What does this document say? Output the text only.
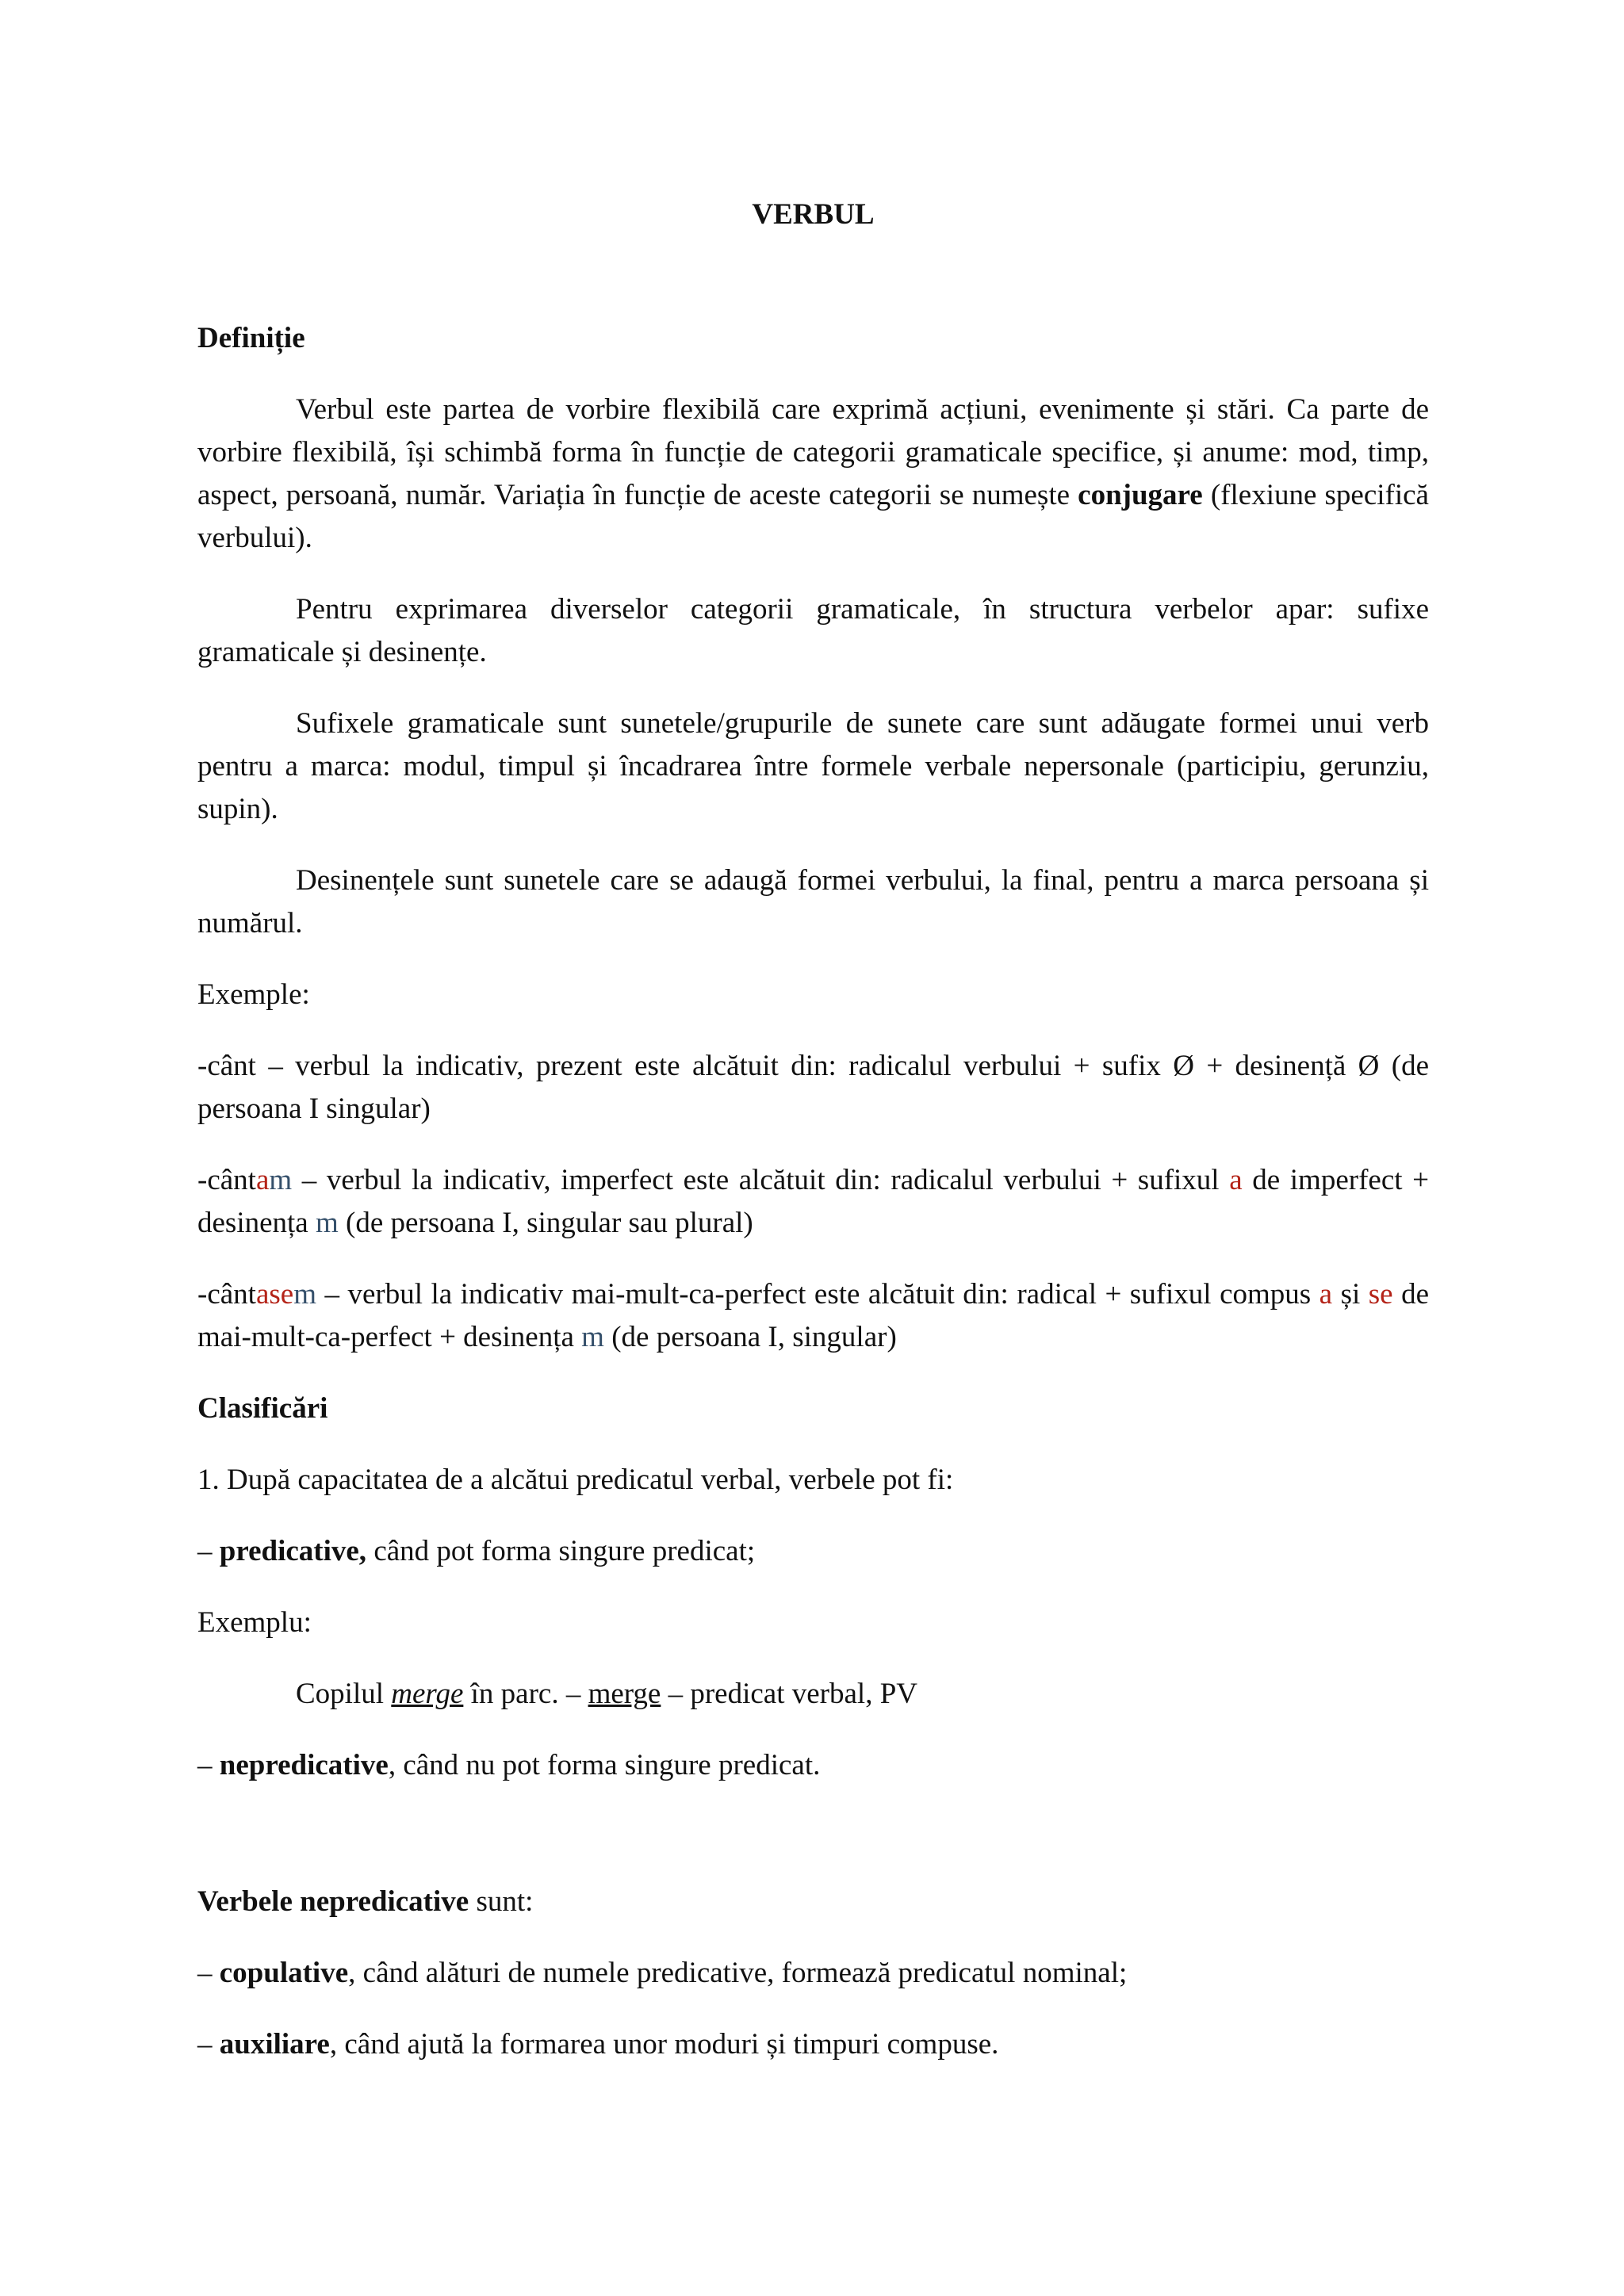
VERBUL
Definiție

Verbul este partea de vorbire flexibilă care exprimă acțiuni, evenimente și stări. Ca parte de vorbire flexibilă, își schimbă forma în funcție de categorii gramaticale specifice, și anume: mod, timp, aspect, persoană, număr. Variația în funcție de aceste categorii se numește conjugare (flexiune specifică verbului).

Pentru exprimarea diverselor categorii gramaticale, în structura verbelor apar: sufixe gramaticale și desinențe.

Sufixele gramaticale sunt sunetele/grupurile de sunete care sunt adăugate formei unui verb pentru a marca: modul, timpul și încadrarea între formele verbale nepersonale (participiu, gerunziu, supin).

Desinențele sunt sunetele care se adaugă formei verbului, la final, pentru a marca persoana și numărul.

Exemple:

-cânt – verbul la indicativ, prezent este alcătuit din: radicalul verbului + sufix Ø + desinență Ø (de persoana I singular)

-cântam – verbul la indicativ, imperfect este alcătuit din: radicalul verbului + sufixul a de imperfect + desinența m (de persoana I, singular sau plural)

-cântasem – verbul la indicativ mai-mult-ca-perfect este alcătuit din: radical + sufixul compus a și se de mai-mult-ca-perfect + desinența m (de persoana I, singular)

Clasificări

1. După capacitatea de a alcătui predicatul verbal, verbele pot fi:

– predicative, când pot forma singure predicat;

Exemplu:

Copilul merge în parc. – merge – predicat verbal, PV

– nepredicative, când nu pot forma singure predicat.

Verbele nepredicative sunt:

– copulative, când alături de numele predicative, formează predicatul nominal;

– auxiliare, când ajută la formarea unor moduri și timpuri compuse.
